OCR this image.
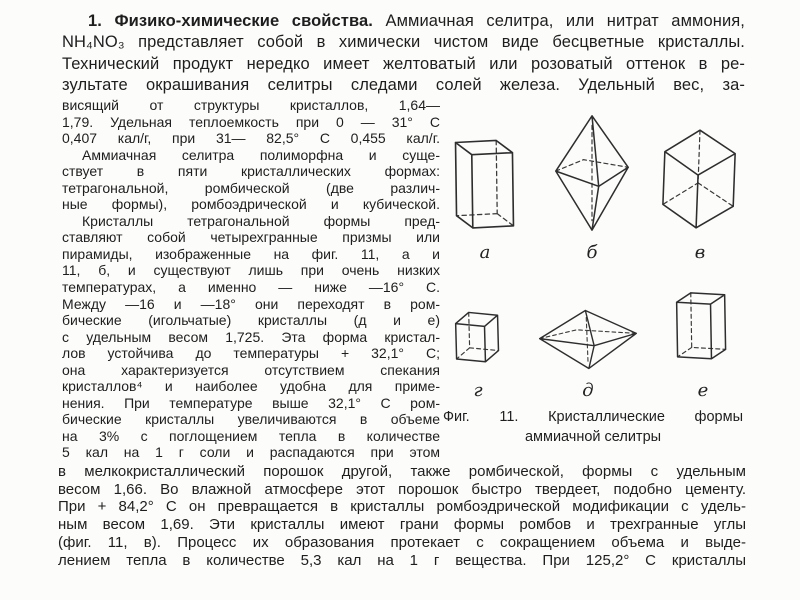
1. Физико-химические свойства. Аммиачная селитра, или нитрат аммония,
NH₄NO₃ представляет собой в химически чистом виде бесцветные кристаллы.
Технический продукт нередко имеет желтоватый или розоватый оттенок в ре-
зультате окрашивания селитры следами солей железа. Удельный вес, за-
висящий от структуры кристаллов, 1,64—
1,79. Удельная теплоемкость при 0 — 31° С
0,407 кал/г, при 31— 82,5° С 0,455 кал/г.
Аммиачная селитра полиморфна и суще-
ствует в пяти кристаллических формах:
тетрагональной, ромбической (две различ-
ные формы), ромбоэдрической и кубической.
Кристаллы тетрагональной формы пред-
ставляют собой четырехгранные призмы или
пирамиды, изображенные на фиг. 11, а и
11, б, и существуют лишь при очень низких
температурах, а именно — ниже —16° С.
Между —16 и —18° они переходят в ром-
бические (игольчатые) кристаллы (д и е)
с удельным весом 1,725. Эта форма кристал-
лов устойчива до температуры + 32,1° С;
она характеризуется отсутствием спекания
кристаллов⁴ и наиболее удобна для приме-
нения. При температуре выше 32,1° С ром-
бические кристаллы увеличиваются в объеме
на 3% с поглощением тепла в количестве
5 кал на 1 г соли и распадаются при этом
в мелкокристаллический порошок другой, также ромбической, формы с удельным
весом 1,66. Во влажной атмосфере этот порошок быстро твердеет, подобно цементу.
При + 84,2° С он превращается в кристаллы ромбоэдрической модификации с удель-
ным весом 1,69. Эти кристаллы имеют грани формы ромбов и трехгранные углы
(фиг. 11, в). Процесс их образования протекает с сокращением объема и выде-
лением тепла в количестве 5,3 кал на 1 г вещества. При 125,2° С кристаллы
а	б	в
г	д	е
Фиг. 11. Кристаллические формы
аммиачной селитры
